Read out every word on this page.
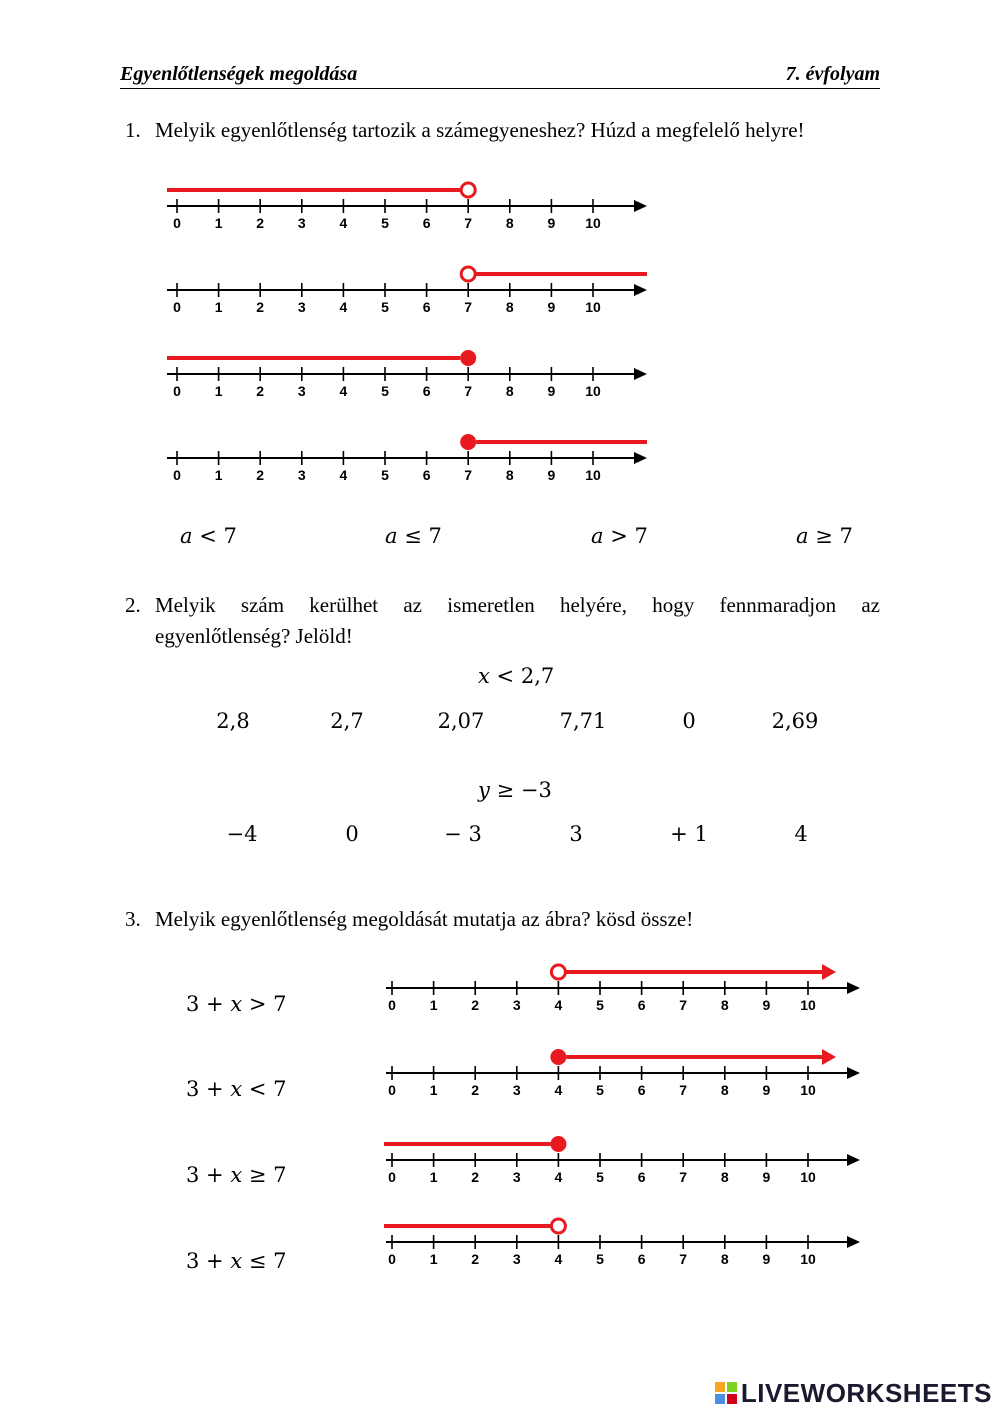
Egyenlőtlenségek megoldása	7. évfolyam
1. Melyik egyenlőtlenség tartozik a számegyeneshez? Húzd a megfelelő helyre!
0 1 2 3 4 5 6 7 8 9 10
0 1 2 3 4 5 6 7 8 9 10
0 1 2 3 4 5 6 7 8 9 10
0 1 2 3 4 5 6 7 8 9 10
a < 7	a ≤ 7	a > 7	a ≥ 7
2. Melyik szám kerülhet az ismeretlen helyére, hogy fennmaradjon az
egyenlőtlenség? Jelöld!
x < 2,7
2,8	2,7	2,07	7,71	0	2,69
y ≥ −3
−4	0	− 3	3	+ 1	4
3. Melyik egyenlőtlenség megoldását mutatja az ábra? kösd össze!
3 + x > 7
3 + x < 7
3 + x ≥ 7
3 + x ≤ 7
0 1 2 3 4 5 6 7 8 9 10
0 1 2 3 4 5 6 7 8 9 10
0 1 2 3 4 5 6 7 8 9 10
0 1 2 3 4 5 6 7 8 9 10
LIVEWORKSHEETS
